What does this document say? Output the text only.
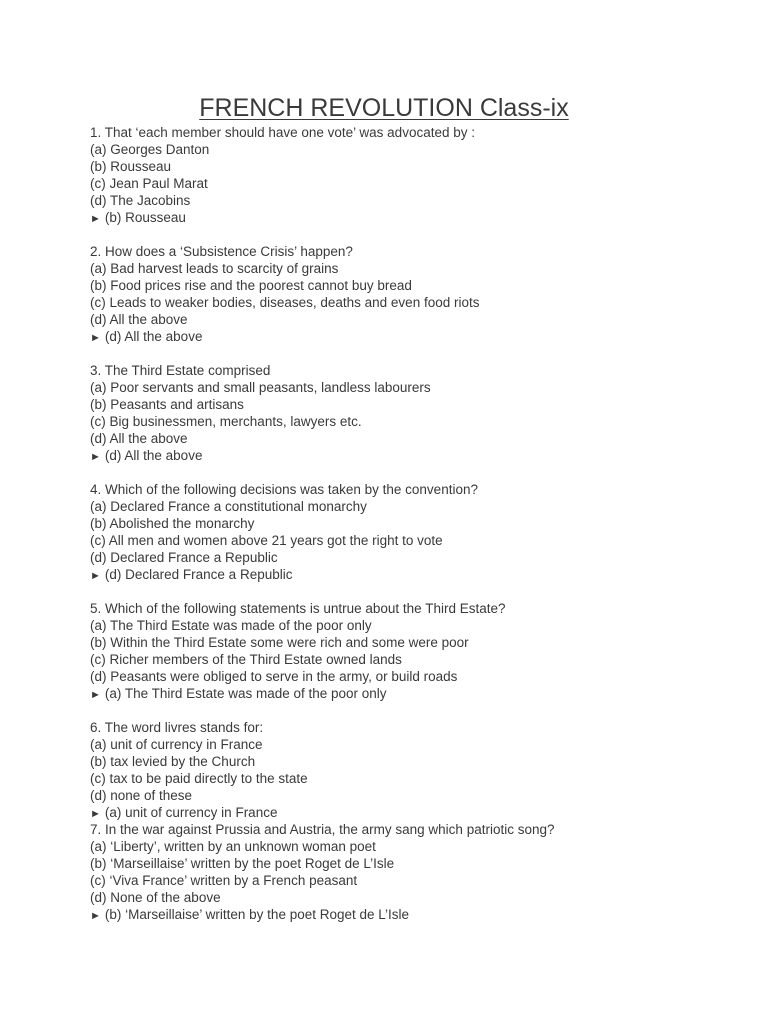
FRENCH REVOLUTION Class-ix
1. That ‘each member should have one vote’ was advocated by :
(a) Georges Danton
(b) Rousseau
(c) Jean Paul Marat
(d) The Jacobins
► (b) Rousseau
2. How does a ‘Subsistence Crisis’ happen?
(a) Bad harvest leads to scarcity of grains
(b) Food prices rise and the poorest cannot buy bread
(c) Leads to weaker bodies, diseases, deaths and even food riots
(d) All the above
► (d) All the above
3. The Third Estate comprised
(a) Poor servants and small peasants, landless labourers
(b) Peasants and artisans
(c) Big businessmen, merchants, lawyers etc.
(d) All the above
► (d) All the above
4. Which of the following decisions was taken by the convention?
(a) Declared France a constitutional monarchy
(b) Abolished the monarchy
(c) All men and women above 21 years got the right to vote
(d) Declared France a Republic
► (d) Declared France a Republic
5. Which of the following statements is untrue about the Third Estate?
(a) The Third Estate was made of the poor only
(b) Within the Third Estate some were rich and some were poor
(c) Richer members of the Third Estate owned lands
(d) Peasants were obliged to serve in the army, or build roads
► (a) The Third Estate was made of the poor only
6. The word livres stands for:
(a) unit of currency in France
(b) tax levied by the Church
(c) tax to be paid directly to the state
(d) none of these
► (a) unit of currency in France
7. In the war against Prussia and Austria, the army sang which patriotic song?
(a) ‘Liberty’, written by an unknown woman poet
(b) ‘Marseillaise’ written by the poet Roget de L’Isle
(c) ‘Viva France’ written by a French peasant
(d) None of the above
► (b) ‘Marseillaise’ written by the poet Roget de L’Isle
